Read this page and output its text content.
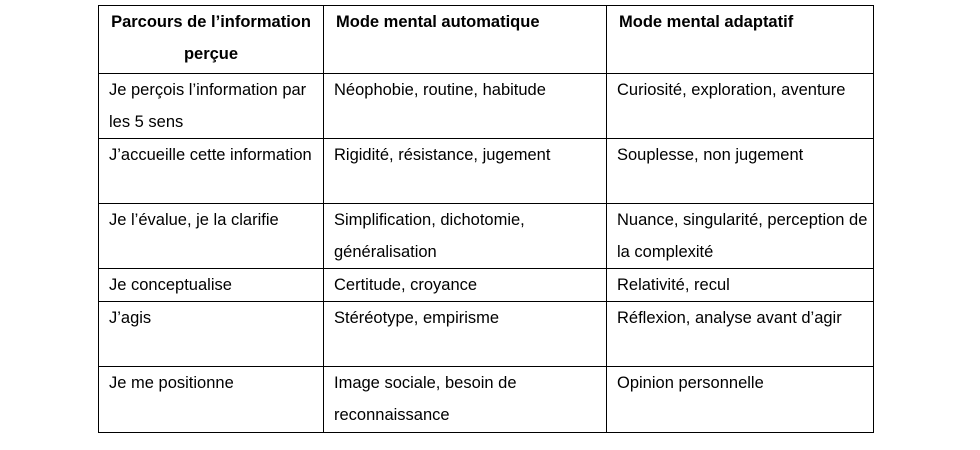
Parcours de l’information perçue	Mode mental automatique	Mode mental adaptatif
Je perçois l’information par les 5 sens	Néophobie, routine, habitude	Curiosité, exploration, aventure
J’accueille cette information	Rigidité, résistance, jugement	Souplesse, non jugement
Je l’évalue, je la clarifie	Simplification, dichotomie, généralisation	Nuance, singularité, perception de la complexité
Je conceptualise	Certitude, croyance	Relativité, recul
J’agis	Stéréotype, empirisme	Réflexion, analyse avant d’agir
Je me positionne	Image sociale, besoin de reconnaissance	Opinion personnelle
